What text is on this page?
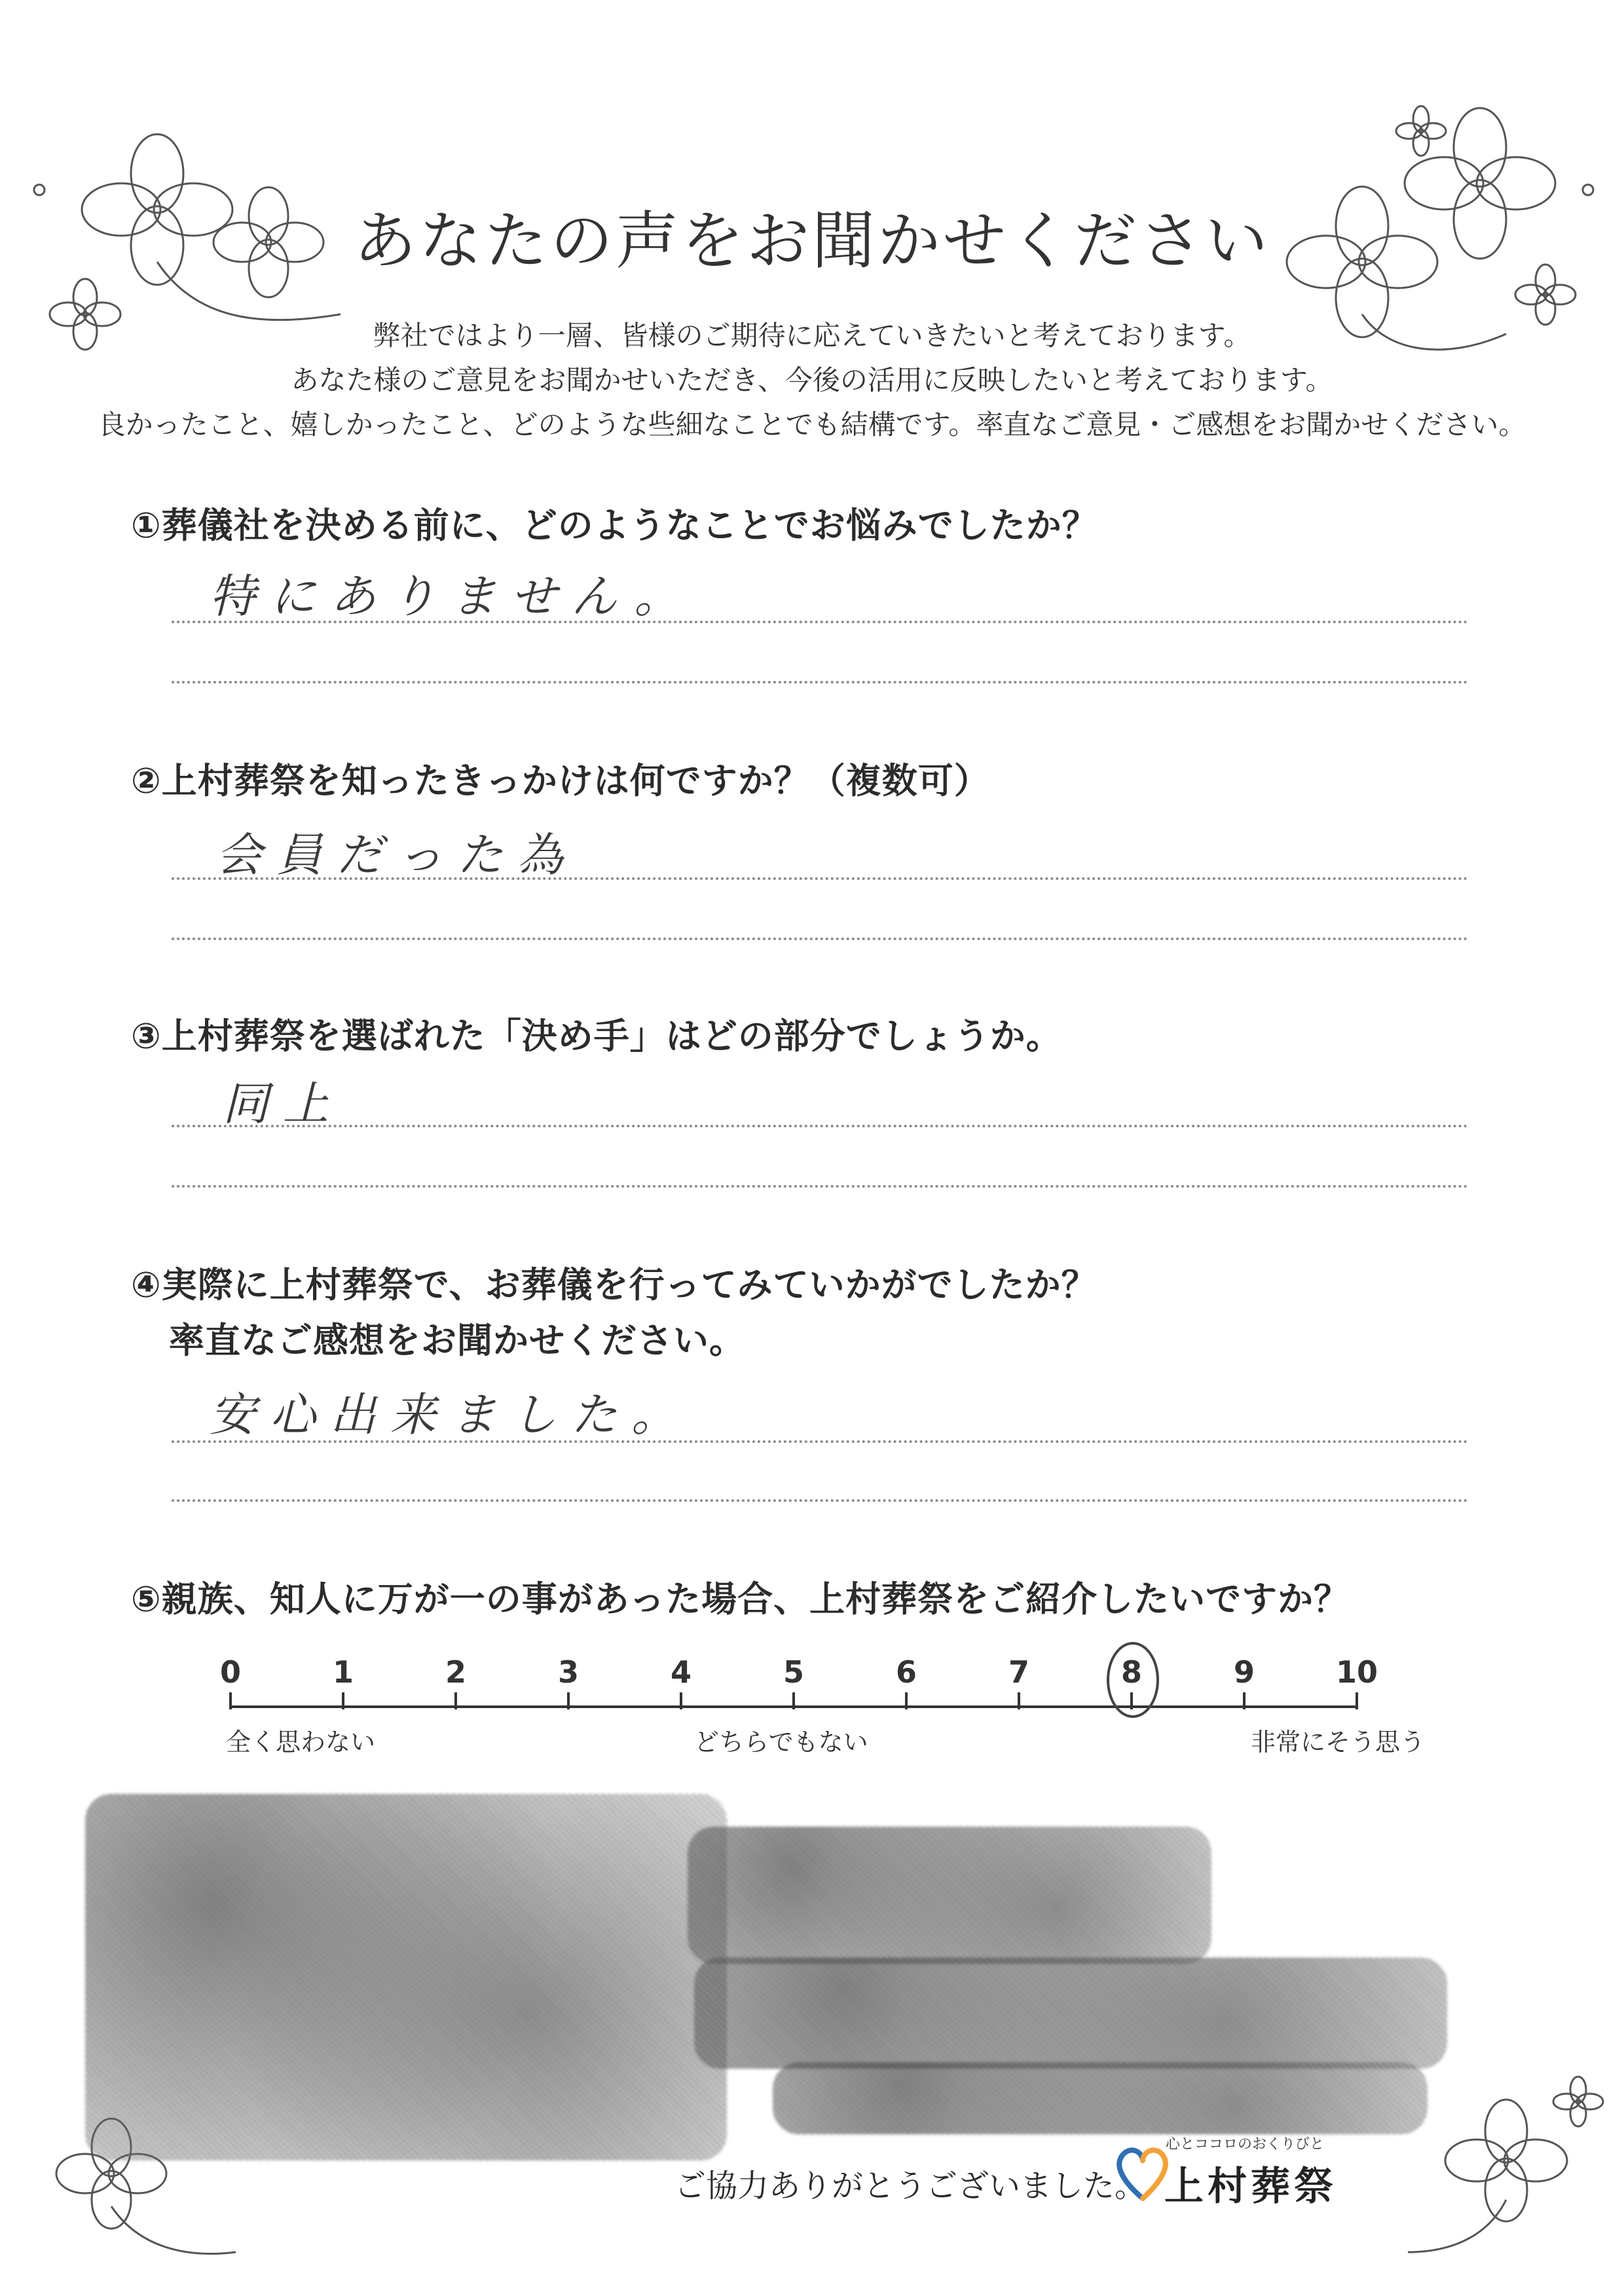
あなたの声をお聞かせください
弊社ではより一層、皆様のご期待に応えていきたいと考えております。
あなた様のご意見をお聞かせいただき、今後の活用に反映したいと考えております。
良かったこと、嬉しかったこと、どのような些細なことでも結構です。率直なご意見・ご感想をお聞かせください。
①葬儀社を決める前に、どのようなことでお悩みでしたか？
特にありません。
②上村葬祭を知ったきっかけは何ですか？（複数可）
会員だった為
③上村葬祭を選ばれた「決め手」はどの部分でしょうか。
同上
④実際に上村葬祭で、お葬儀を行ってみていかがでしたか？
率直なご感想をお聞かせください。
安心出来ました。
⑤親族、知人に万が一の事があった場合、上村葬祭をご紹介したいですか？
0	1	2	3	4	5	6	7	8	9	10
全く思わない	どちらでもない	非常にそう思う
ご協力ありがとうございました。
心とココロのおくりびと
上村葬祭
